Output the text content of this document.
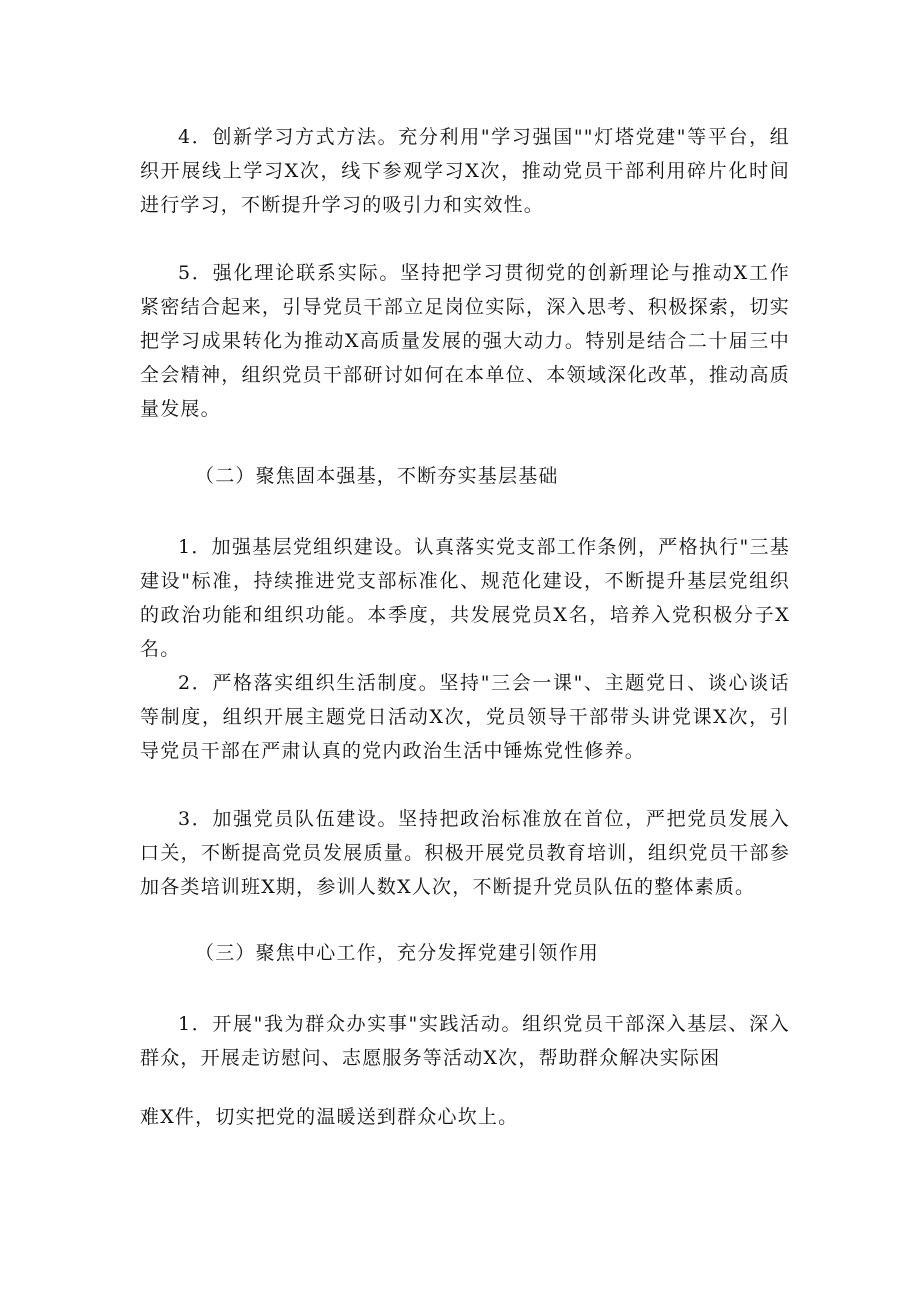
4．创新学习方式方法。充分利用"学习强国""灯塔党建"等平台，组织开展线上学习X次，线下参观学习X次，推动党员干部利用碎片化时间进行学习，不断提升学习的吸引力和实效性。

5．强化理论联系实际。坚持把学习贯彻党的创新理论与推动X工作紧密结合起来，引导党员干部立足岗位实际，深入思考、积极探索，切实把学习成果转化为推动X高质量发展的强大动力。特别是结合二十届三中全会精神，组织党员干部研讨如何在本单位、本领域深化改革，推动高质量发展。

（二）聚焦固本强基，不断夯实基层基础

1．加强基层党组织建设。认真落实党支部工作条例，严格执行"三基建设"标准，持续推进党支部标准化、规范化建设，不断提升基层党组织的政治功能和组织功能。本季度，共发展党员X名，培养入党积极分子X名。

2．严格落实组织生活制度。坚持"三会一课"、主题党日、谈心谈话等制度，组织开展主题党日活动X次，党员领导干部带头讲党课X次，引导党员干部在严肃认真的党内政治生活中锤炼党性修养。

3．加强党员队伍建设。坚持把政治标准放在首位，严把党员发展入口关，不断提高党员发展质量。积极开展党员教育培训，组织党员干部参加各类培训班X期，参训人数X人次，不断提升党员队伍的整体素质。

（三）聚焦中心工作，充分发挥党建引领作用

1．开展"我为群众办实事"实践活动。组织党员干部深入基层、深入群众，开展走访慰问、志愿服务等活动X次，帮助群众解决实际困

难X件，切实把党的温暖送到群众心坎上。
